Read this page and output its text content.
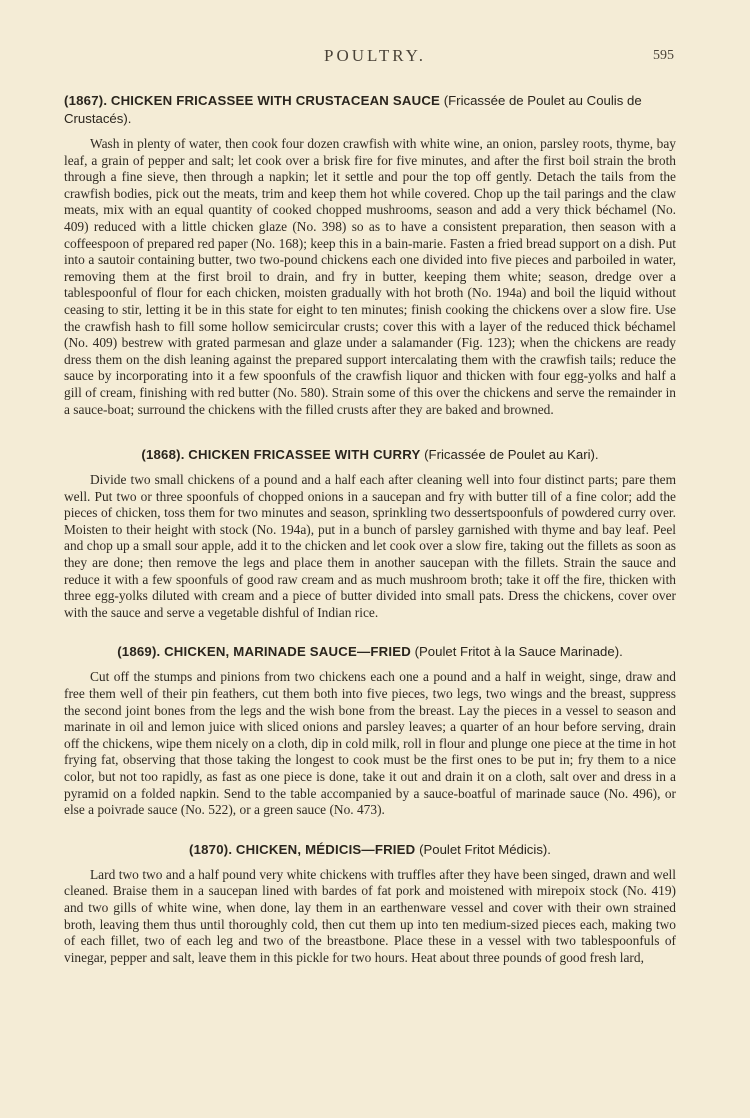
POULTRY.	595
(1867). CHICKEN FRICASSEE WITH CRUSTACEAN SAUCE (Fricassée de Poulet au Coulis de Crustacés).

Wash in plenty of water, then cook four dozen crawfish with white wine, an onion, parsley roots, thyme, bay leaf, a grain of pepper and salt; let cook over a brisk fire for five minutes, and after the first boil strain the broth through a fine sieve, then through a napkin; let it settle and pour the top off gently. Detach the tails from the crawfish bodies, pick out the meats, trim and keep them hot while covered. Chop up the tail parings and the claw meats, mix with an equal quantity of cooked chopped mushrooms, season and add a very thick béchamel (No. 409) reduced with a little chicken glaze (No. 398) so as to have a consistent preparation, then season with a coffeespoon of prepared red paper (No. 168); keep this in a bain-marie. Fasten a fried bread support on a dish. Put into a sautoir containing butter, two two-pound chickens each one divided into five pieces and parboiled in water, removing them at the first broil to drain, and fry in butter, keeping them white; season, dredge over a tablespoonful of flour for each chicken, moisten gradually with hot broth (No. 194a) and boil the liquid without ceasing to stir, letting it be in this state for eight to ten minutes; finish cooking the chickens over a slow fire. Use the crawfish hash to fill some hollow semicircular crusts; cover this with a layer of the reduced thick béchamel (No. 409) bestrew with grated parmesan and glaze under a salamander (Fig. 123); when the chickens are ready dress them on the dish leaning against the prepared support intercalating them with the crawfish tails; reduce the sauce by incorporating into it a few spoonfuls of the crawfish liquor and thicken with four egg-yolks and half a gill of cream, finishing with red butter (No. 580). Strain some of this over the chickens and serve the remainder in a sauce-boat; surround the chickens with the filled crusts after they are baked and browned.

(1868). CHICKEN FRICASSEE WITH CURRY (Fricassée de Poulet au Kari).

Divide two small chickens of a pound and a half each after cleaning well into four distinct parts; pare them well. Put two or three spoonfuls of chopped onions in a saucepan and fry with butter till of a fine color; add the pieces of chicken, toss them for two minutes and season, sprinkling two dessertspoonfuls of powdered curry over. Moisten to their height with stock (No. 194a), put in a bunch of parsley garnished with thyme and bay leaf. Peel and chop up a small sour apple, add it to the chicken and let cook over a slow fire, taking out the fillets as soon as they are done; then remove the legs and place them in another saucepan with the fillets. Strain the sauce and reduce it with a few spoonfuls of good raw cream and as much mushroom broth; take it off the fire, thicken with three egg-yolks diluted with cream and a piece of butter divided into small pats. Dress the chickens, cover over with the sauce and serve a vegetable dishful of Indian rice.

(1869). CHICKEN, MARINADE SAUCE—FRIED (Poulet Fritot à la Sauce Marinade).

Cut off the stumps and pinions from two chickens each one a pound and a half in weight, singe, draw and free them well of their pin feathers, cut them both into five pieces, two legs, two wings and the breast, suppress the second joint bones from the legs and the wish bone from the breast. Lay the pieces in a vessel to season and marinate in oil and lemon juice with sliced onions and parsley leaves; a quarter of an hour before serving, drain off the chickens, wipe them nicely on a cloth, dip in cold milk, roll in flour and plunge one piece at the time in hot frying fat, observing that those taking the longest to cook must be the first ones to be put in; fry them to a nice color, but not too rapidly, as fast as one piece is done, take it out and drain it on a cloth, salt over and dress in a pyramid on a folded napkin. Send to the table accompanied by a sauce-boatful of marinade sauce (No. 496), or else a poivrade sauce (No. 522), or a green sauce (No. 473).

(1870). CHICKEN, MÉDICIS—FRIED (Poulet Fritot Médicis).

Lard two two and a half pound very white chickens with truffles after they have been singed, drawn and well cleaned. Braise them in a saucepan lined with bardes of fat pork and moistened with mirepoix stock (No. 419) and two gills of white wine, when done, lay them in an earthenware vessel and cover with their own strained broth, leaving them thus until thoroughly cold, then cut them up into ten medium-sized pieces each, making two of each fillet, two of each leg and two of the breastbone. Place these in a vessel with two tablespoonfuls of vinegar, pepper and salt, leave them in this pickle for two hours. Heat about three pounds of good fresh lard,
